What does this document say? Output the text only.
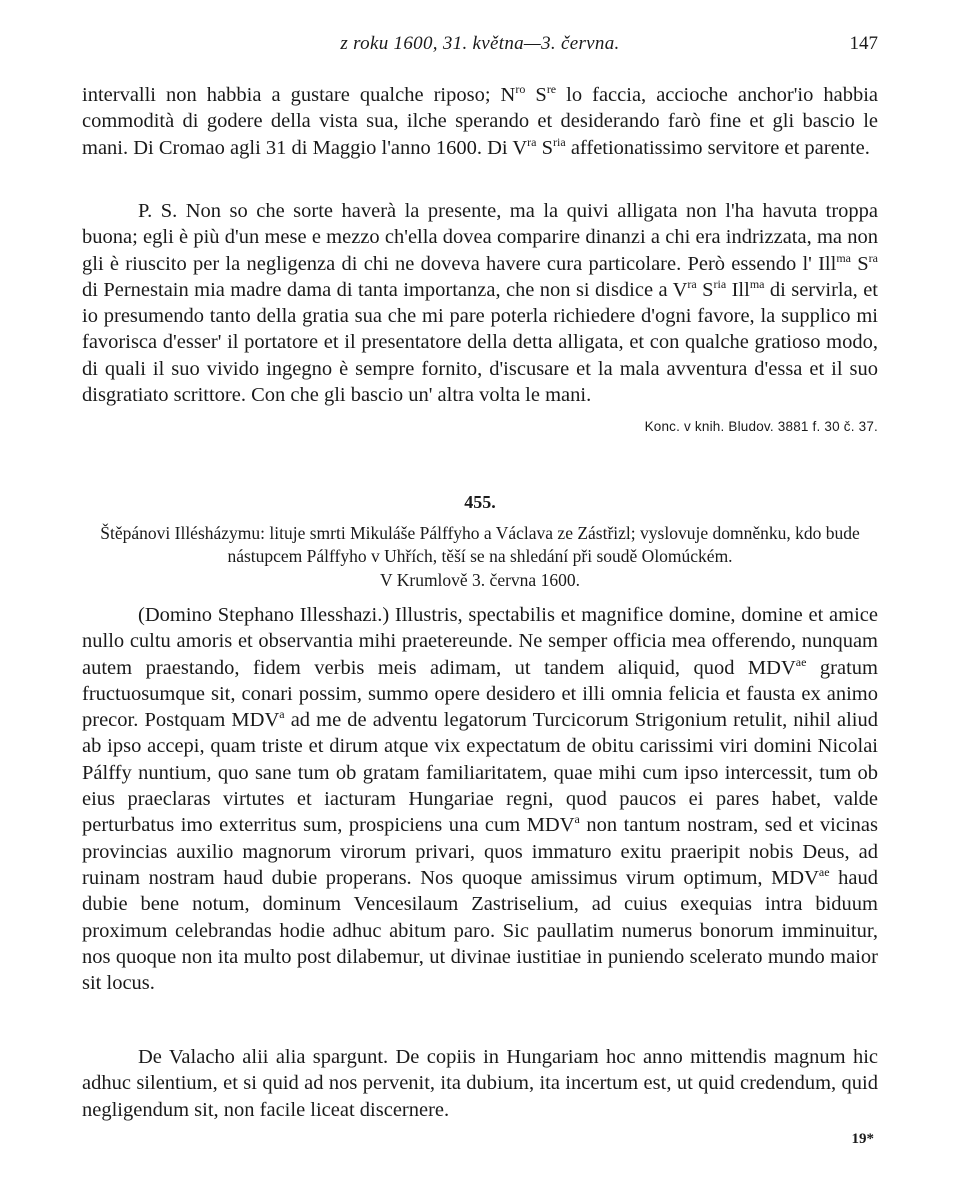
z roku 1600, 31. května—3. června.	147

intervalli non habbia a gustare qualche riposo; $N^{ro}$ $S^{re}$ lo faccia, accioche anchor'io habbia commodità di godere della vista sua, ilche sperando et desiderando farò fine et gli bascio le mani. Di Cromao agli 31 di Maggio l'anno 1600. Di $V^{ra}$ $S^{ria}$ affetionatissimo servitore et parente.

P. S. Non so che sorte haverà la presente, ma la quivi alligata non l'ha havuta troppa buona; egli è più d'un mese e mezzo ch'ella dovea comparire dinanzi a chi era indrizzata, ma non gli è riuscito per la negligenza di chi ne doveva havere cura particolare. Però essendo l' Ill$^{ma}$ $S^{ra}$ di Pernestain mia madre dama di tanta importanza, che non si disdice a $V^{ra}$ $S^{ria}$ Ill$^{ma}$ di servirla, et io presumendo tanto della gratia sua che mi pare poterla richiedere d'ogni favore, la supplico mi favorisca d'esser' il portatore et il presentatore della detta alligata, et con qualche gratioso modo, di quali il suo vivido ingegno è sempre fornito, d'iscusare et la mala avventura d'essa et il suo disgratiato scrittore. Con che gli bascio un' altra volta le mani.
Konc. v knih. Bludov. 3881 f. 30 č. 37.

455.

Štěpánovi Illésházymu: lituje smrti Mikuláše Pálffyho a Václava ze Zástřizl; vyslovuje domněnku, kdo bude nástupcem Pálffyho v Uhřích, těší se na shledání při soudě Olomúckém.

V Krumlově 3. června 1600.

(Domino Stephano Illesshazi.) Illustris, spectabilis et magnifice domine, domine et amice nullo cultu amoris et observantia mihi praetereunde. Ne semper officia mea offerendo, nunquam autem praestando, fidem verbis meis adimam, ut tandem aliquid, quod $MDV^{ae}$ gratum fructuosumque sit, conari possim, summo opere desidero et illi omnia felicia et fausta ex animo precor. Postquam MDV$^a$ ad me de adventu legatorum Turcicorum Strigonium retulit, nihil aliud ab ipso accepi, quam triste et dirum atque vix expectatum de obitu carissimi viri domini Nicolai Pálffy nuntium, quo sane tum ob gratam familiaritatem, quae mihi cum ipso intercessit, tum ob eius praeclaras virtutes et iacturam Hungariae regni, quod paucos ei pares habet, valde perturbatus imo exterritus sum, prospiciens una cum MDV$^a$ non tantum nostram, sed et vicinas provincias auxilio magnorum virorum privari, quos immaturo exitu praeripit nobis Deus, ad ruinam nostram haud dubie properans. Nos quoque amissimus virum optimum, $MDV^{ae}$ haud dubie bene notum, dominum Vencesilaum Zastriselium, ad cuius exequias intra biduum proximum celebrandas hodie adhuc abitum paro. Sic paullatim numerus bonorum imminuitur, nos quoque non ita multo post dilabemur, ut divinae iustitiae in puniendo scelerato mundo maior sit locus.

De Valacho alii alia spargunt. De copiis in Hungariam hoc anno mittendis magnum hic adhuc silentium, et si quid ad nos pervenit, ita dubium, ita incertum est, ut quid credendum, quid negligendum sit, non facile liceat discernere.

19*
